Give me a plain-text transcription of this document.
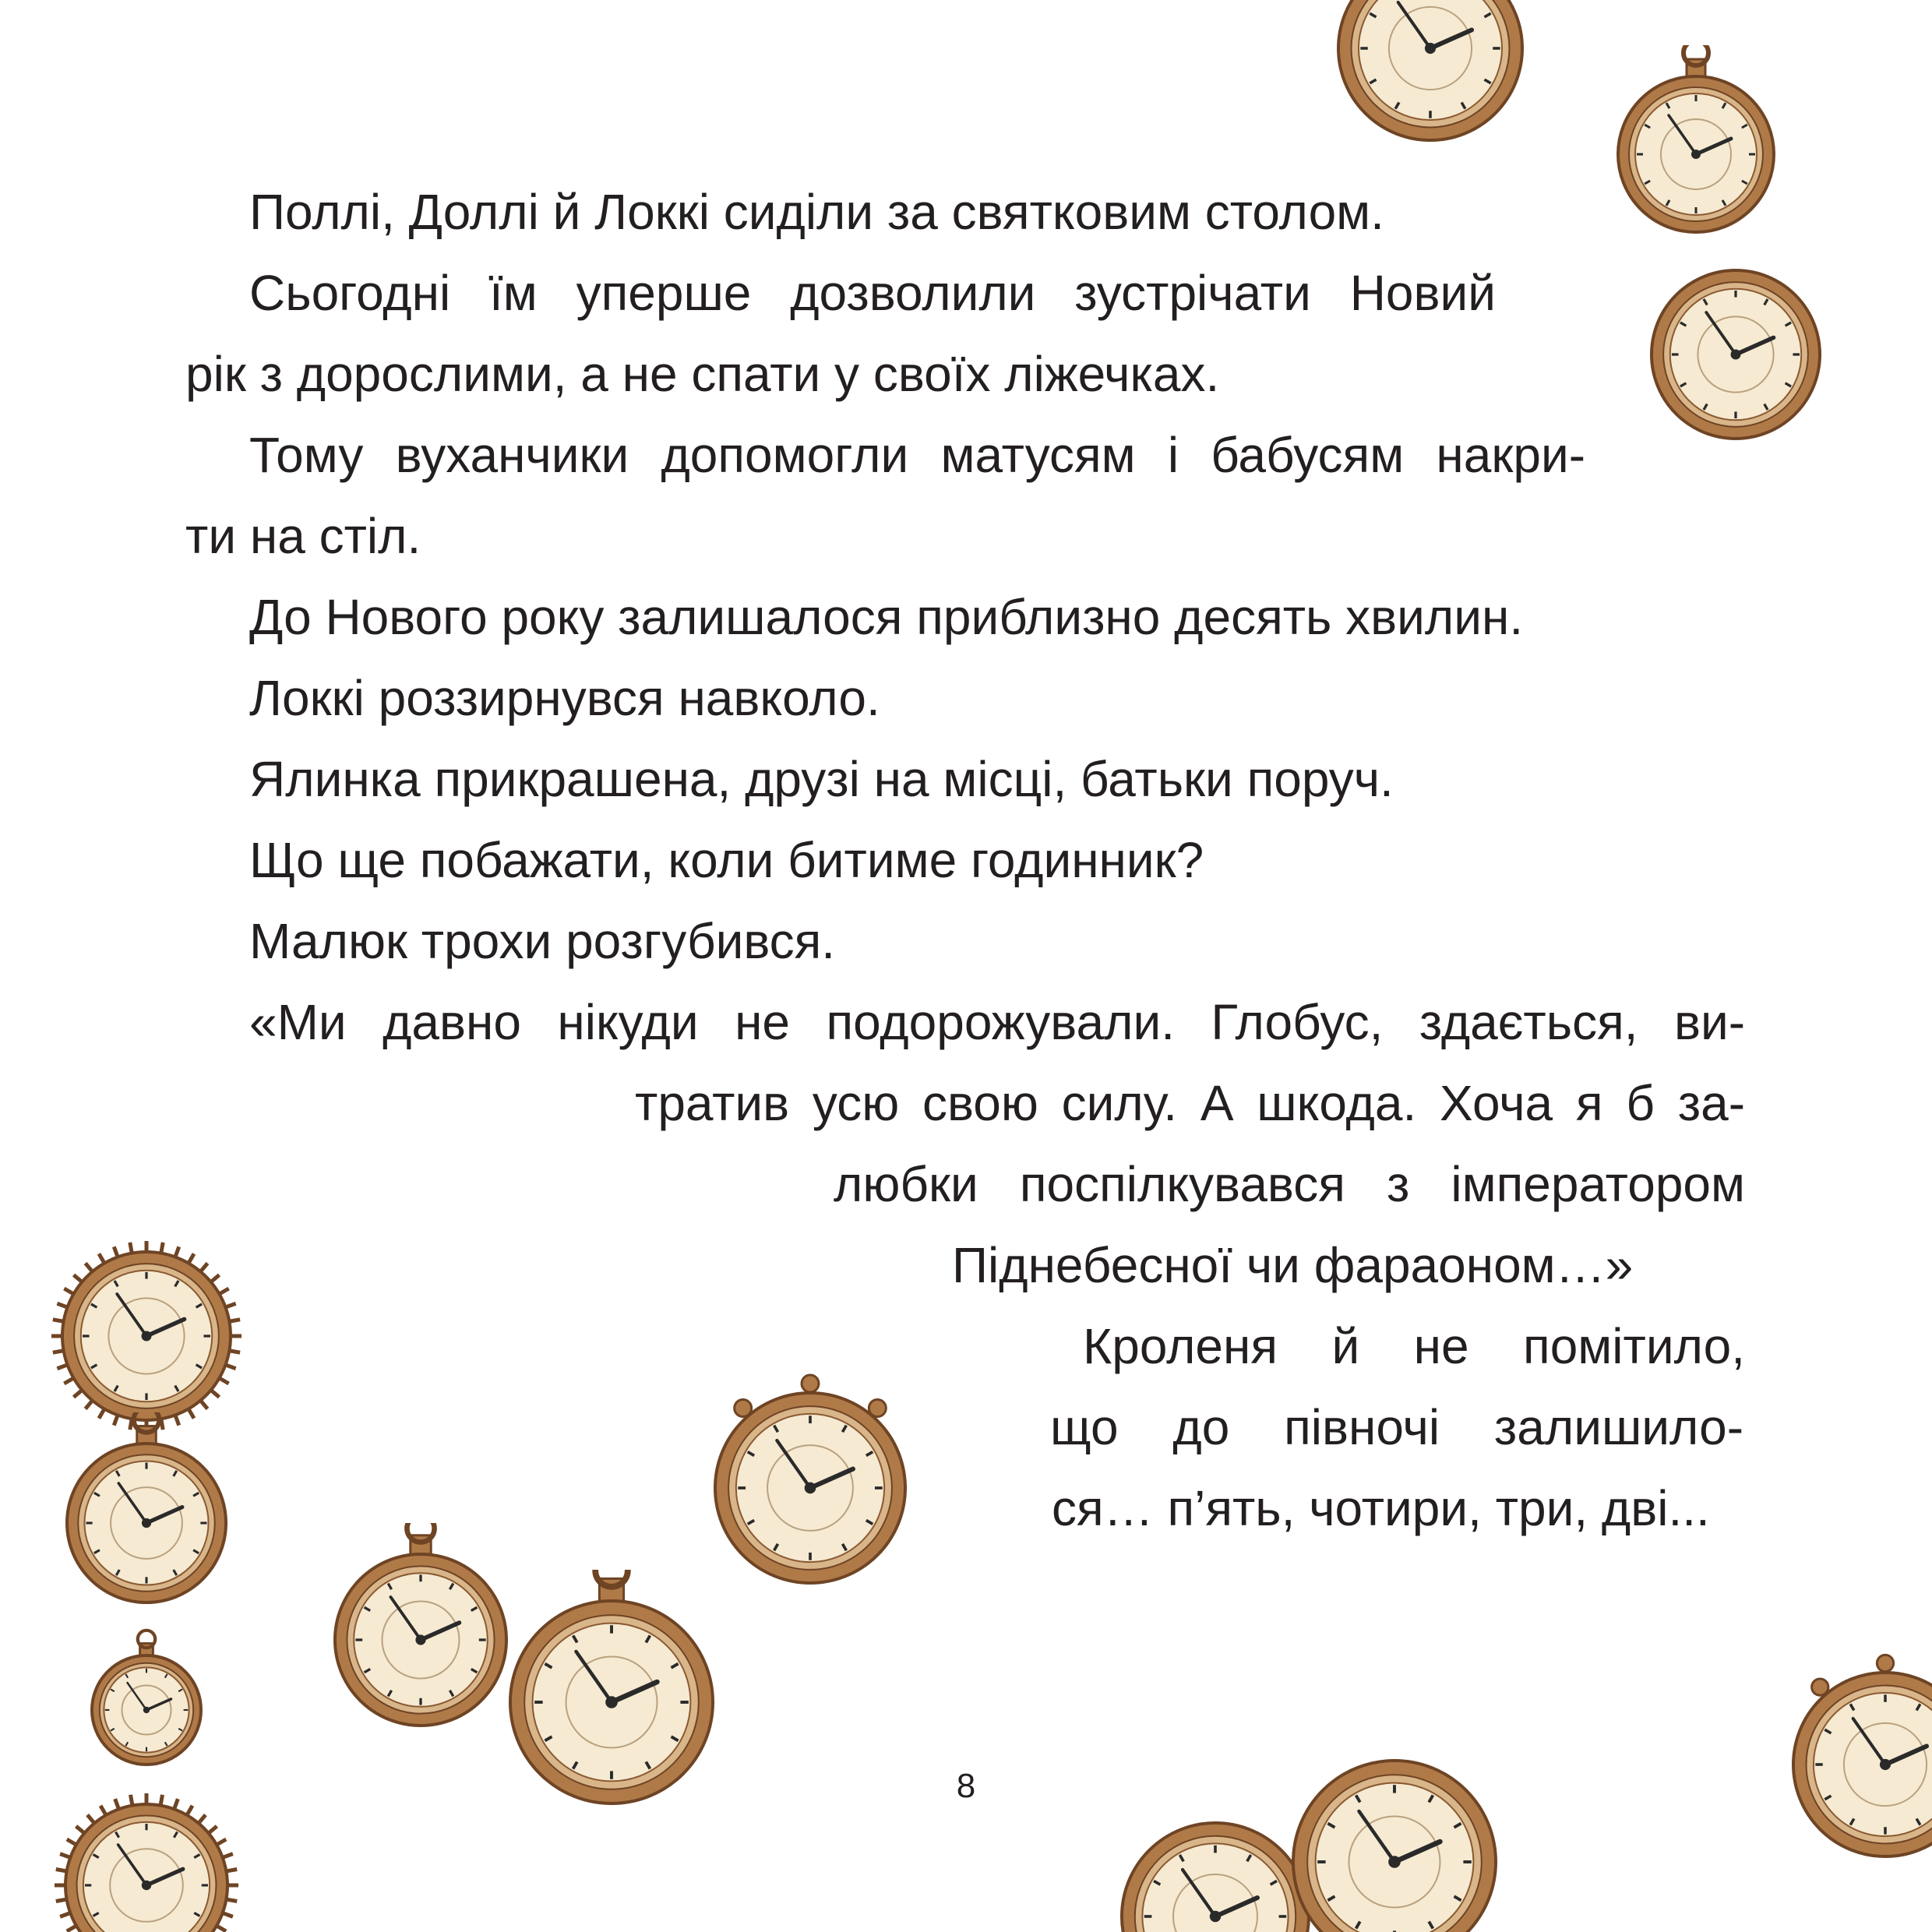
Поллі, Доллі й Локкі сиділи за святковим столом.

Сьогодні їм уперше дозволили зустрічати Новий

рік з дорослими, а не спати у своїх ліжечках.

Тому вуханчики допомогли матусям і бабусям накри-

ти на стіл.

До Нового року залишалося приблизно десять хвилин.

Локкі роззирнувся навколо.

Ялинка прикрашена, друзі на місці, батьки поруч.

Що ще побажати, коли битиме годинник?

Малюк трохи розгубився.

«Ми давно нікуди не подорожували. Глобус, здається, ви-

тратив усю свою силу. А шкода. Хоча я б за-

любки поспілкувався з імператором

Піднебесної чи фараоном…»

Кроленя й не помітило,

що до півночі залишило-

ся… п’ять, чотири, три, дві...

8
